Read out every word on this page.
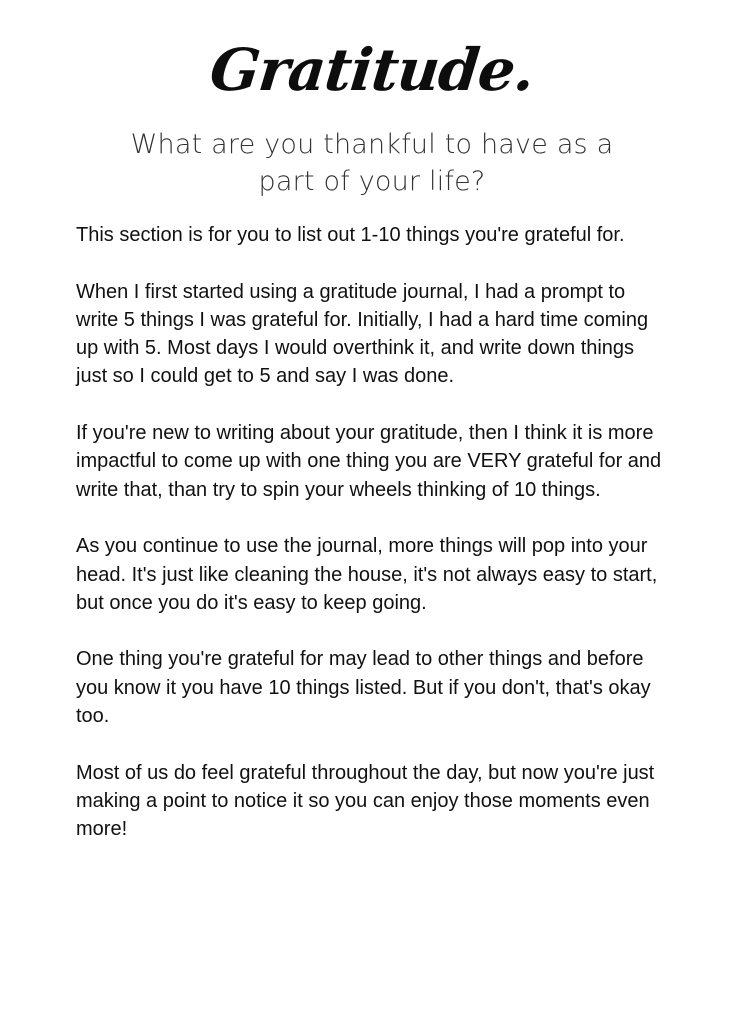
Gratitude.
What are you thankful to have as a part of your life?

This section is for you to list out 1-10 things you're grateful for.

When I first started using a gratitude journal, I had a prompt to write 5 things I was grateful for. Initially, I had a hard time coming up with 5. Most days I would overthink it, and write down things just so I could get to 5 and say I was done.

If you're new to writing about your gratitude, then I think it is more impactful to come up with one thing you are VERY grateful for and write that, than try to spin your wheels thinking of 10 things.

As you continue to use the journal, more things will pop into your head. It's just like cleaning the house, it's not always easy to start, but once you do it's easy to keep going.

One thing you're grateful for may lead to other things and before you know it you have 10 things listed. But if you don't, that's okay too.

Most of us do feel grateful throughout the day, but now you're just making a point to notice it so you can enjoy those moments even more!
